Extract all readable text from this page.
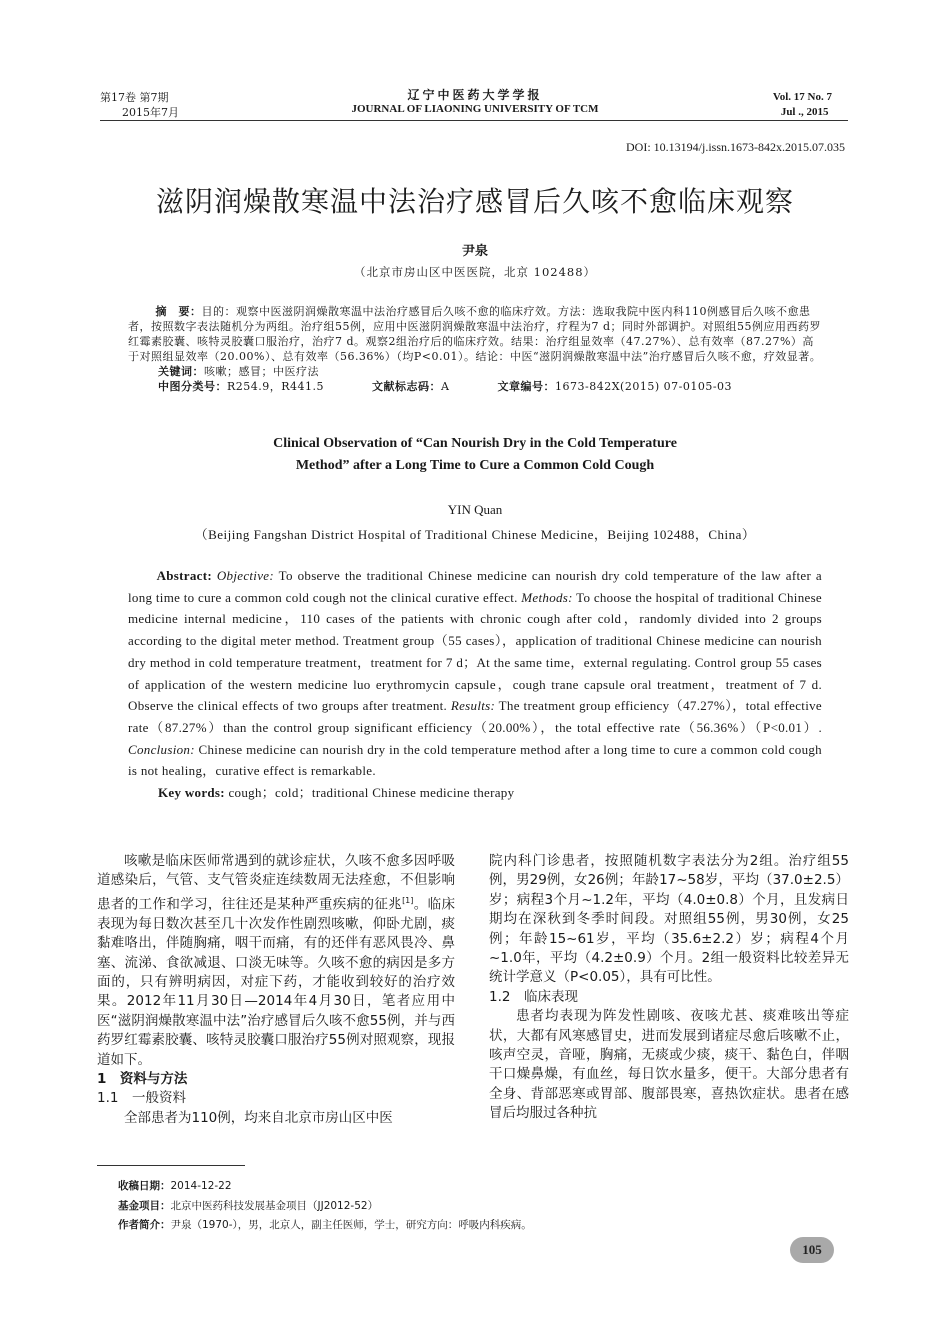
第17卷 第7期
2015年7月
辽宁中医药大学学报
JOURNAL OF LIAONING UNIVERSITY OF TCM
Vol. 17 No. 7
Jul ., 2015
DOI: 10.13194/j.issn.1673-842x.2015.07.035
滋阴润燥散寒温中法治疗感冒后久咳不愈临床观察
尹泉
（北京市房山区中医医院，北京 102488）
摘　要：目的：观察中医滋阴润燥散寒温中法治疗感冒后久咳不愈的临床疗效。方法：选取我院中医内科110例感冒后久咳不愈患者，按照数字表法随机分为两组。治疗组55例，应用中医滋阴润燥散寒温中法治疗，疗程为7 d；同时外部调护。对照组55例应用西药罗红霉素胶囊、咳特灵胶囊口服治疗，治疗7 d。观察2组治疗后的临床疗效。结果：治疗组显效率（47.27%）、总有效率（87.27%）高于对照组显效率（20.00%）、总有效率（56.36%）（均P<0.01）。结论：中医“滋阴润燥散寒温中法”治疗感冒后久咳不愈，疗效显著。
关键词：咳嗽；感冒；中医疗法
中图分类号：R254.9，R441.5	文献标志码：A	文章编号：1673-842X(2015) 07-0105-03
Clinical Observation of “Can Nourish Dry in the Cold Temperature
Method” after a Long Time to Cure a Common Cold Cough
YIN Quan
（Beijing Fangshan District Hospital of Traditional Chinese Medicine，Beijing 102488，China）
Abstract: Objective: To observe the traditional Chinese medicine can nourish dry cold temperature of the law after a long time to cure a common cold cough not the clinical curative effect. Methods: To choose the hospital of traditional Chinese medicine internal medicine，110 cases of the patients with chronic cough after cold，randomly divided into 2 groups according to the digital meter method. Treatment group（55 cases），application of traditional Chinese medicine can nourish dry method in cold temperature treatment，treatment for 7 d；At the same time，external regulating. Control group 55 cases of application of the western medicine luo erythromycin capsule，cough trane capsule oral treatment，treatment of 7 d. Observe the clinical effects of two groups after treatment. Results: The treatment group efficiency（47.27%），total effective rate（87.27%）than the control group significant efficiency（20.00%），the total effective rate（56.36%）（P<0.01）. Conclusion: Chinese medicine can nourish dry in the cold temperature method after a long time to cure a common cold cough is not healing，curative effect is remarkable.
Key words: cough；cold；traditional Chinese medicine therapy

咳嗽是临床医师常遇到的就诊症状，久咳不愈多因呼吸道感染后，气管、支气管炎症连续数周无法痊愈，不但影响患者的工作和学习，往往还是某种严重疾病的征兆[1]。临床表现为每日数次甚至几十次发作性剧烈咳嗽，仰卧尤剧，痰黏难咯出，伴随胸痛，咽干而痛，有的还伴有恶风畏冷、鼻塞、流涕、食欲减退、口淡无味等。久咳不愈的病因是多方面的，只有辨明病因，对症下药，才能收到较好的治疗效果。2012年11月30日—2014年4月30日，笔者应用中医“滋阴润燥散寒温中法”治疗感冒后久咳不愈55例，并与西药罗红霉素胶囊、咳特灵胶囊口服治疗55例对照观察，现报道如下。

1　资料与方法

1.1　一般资料

全部患者为110例，均来自北京市房山区中医

院内科门诊患者，按照随机数字表法分为2组。治疗组55例，男29例，女26例；年龄17~58岁，平均（37.0±2.5）岁；病程3个月~1.2年，平均（4.0±0.8）个月，且发病日期均在深秋到冬季时间段。对照组55例，男30例，女25例；年龄15~61岁，平均（35.6±2.2）岁；病程4个月~1.0年，平均（4.2±0.9）个月。2组一般资料比较差异无统计学意义（P<0.05），具有可比性。

1.2　临床表现

患者均表现为阵发性剧咳、夜咳尤甚、痰难咳出等症状，大都有风寒感冒史，进而发展到诸症尽愈后咳嗽不止，咳声空灵，音哑，胸痛，无痰或少痰，痰干、黏色白，伴咽干口燥鼻燥，有血丝，每日饮水量多，便干。大部分患者有全身、背部恶寒或胃部、腹部畏寒，喜热饮症状。患者在感冒后均服过各种抗

收稿日期：2014-12-22
基金项目：北京中医药科技发展基金项目（JJ2012-52）
作者简介：尹泉（1970-），男，北京人，副主任医师，学士，研究方向：呼吸内科疾病。
105
